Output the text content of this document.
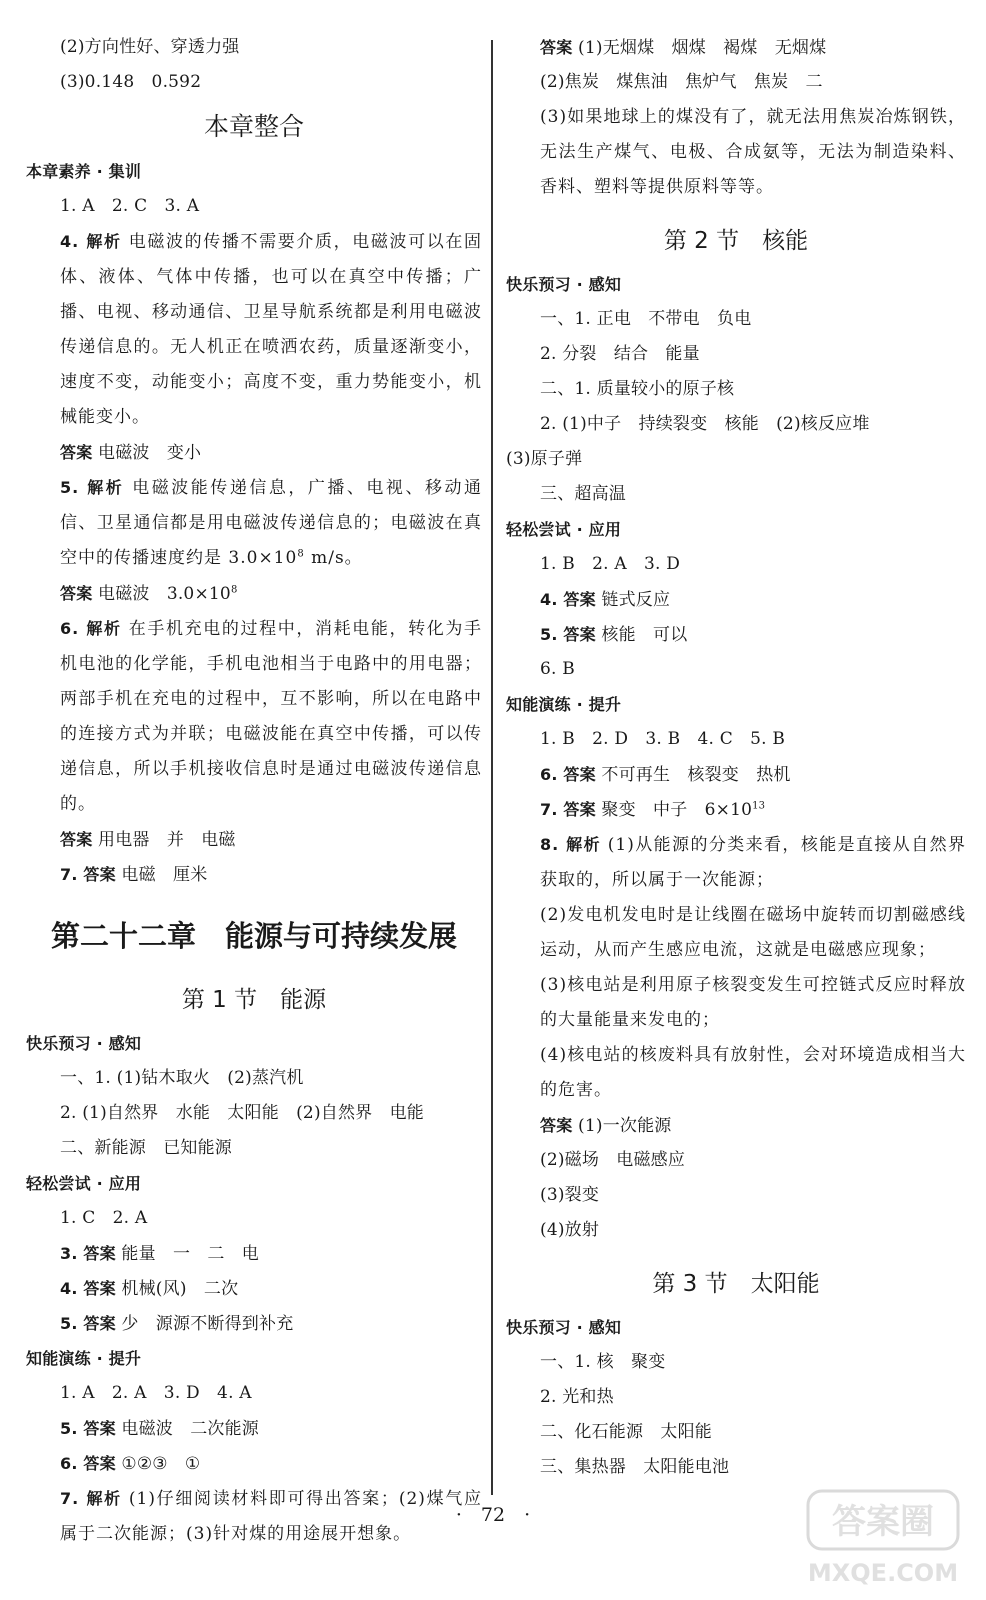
(2)方向性好、穿透力强
(3)0.148　0.592
本章整合
本章素养 · 集训
1. A　2. C　3. A
4. 解析 电磁波的传播不需要介质，电磁波可以在固体、液体、气体中传播，也可以在真空中传播；广播、电视、移动通信、卫星导航系统都是利用电磁波传递信息的。无人机正在喷洒农药，质量逐渐变小，速度不变，动能变小；高度不变，重力势能变小，机械能变小。
答案 电磁波　变小
5. 解析 电磁波能传递信息，广播、电视、移动通信、卫星通信都是用电磁波传递信息的；电磁波在真空中的传播速度约是 $3.0\times 10^8$ m/s。
答案 电磁波　$3.0\times 10^8$
6. 解析 在手机充电的过程中，消耗电能，转化为手机电池的化学能，手机电池相当于电路中的用电器；两部手机在充电的过程中，互不影响，所以在电路中的连接方式为并联；电磁波能在真空中传播，可以传递信息，所以手机接收信息时是通过电磁波传递信息的。
答案 用电器　并　电磁
7. 答案 电磁　厘米
第二十二章　能源与可持续发展
第 1 节　能源
快乐预习 · 感知
一、1. (1)钻木取火　(2)蒸汽机
2. (1)自然界　水能　太阳能　(2)自然界　电能
二、新能源　已知能源
轻松尝试 · 应用
1. C　2. A
3. 答案 能量　一　二　电
4. 答案 机械(风)　二次
5. 答案 少　源源不断得到补充
知能演练 · 提升
1. A　2. A　3. D　4. A
5. 答案 电磁波　二次能源
6. 答案 ①②③　①
7. 解析 (1)仔细阅读材料即可得出答案；(2)煤气应属于二次能源；(3)针对煤的用途展开想象。
答案 (1)无烟煤　烟煤　褐煤　无烟煤
(2)焦炭　煤焦油　焦炉气　焦炭　二
(3)如果地球上的煤没有了，就无法用焦炭冶炼钢铁，无法生产煤气、电极、合成氨等，无法为制造染料、香料、塑料等提供原料等等。
第 2 节　核能
快乐预习 · 感知
一、1. 正电　不带电　负电
2. 分裂　结合　能量
二、1. 质量较小的原子核
2. (1)中子　持续裂变　核能　(2)核反应堆
(3)原子弹
三、超高温
轻松尝试 · 应用
1. B　2. A　3. D
4. 答案 链式反应
5. 答案 核能　可以
6. B
知能演练 · 提升
1. B　2. D　3. B　4. C　5. B
6. 答案 不可再生　核裂变　热机
7. 答案 聚变　中子　$6\times 10^{13}$
8. 解析 (1)从能源的分类来看，核能是直接从自然界获取的，所以属于一次能源；
(2)发电机发电时是让线圈在磁场中旋转而切割磁感线运动，从而产生感应电流，这就是电磁感应现象；
(3)核电站是利用原子核裂变发生可控链式反应时释放的大量能量来发电的；
(4)核电站的核废料具有放射性，会对环境造成相当大的危害。
答案 (1)一次能源
(2)磁场　电磁感应
(3)裂变
(4)放射
第 3 节　太阳能
快乐预习 · 感知
一、1. 核　聚变
2. 光和热
二、化石能源　太阳能
三、集热器　太阳能电池
·　72　·	答案圈
MXQE.COM
